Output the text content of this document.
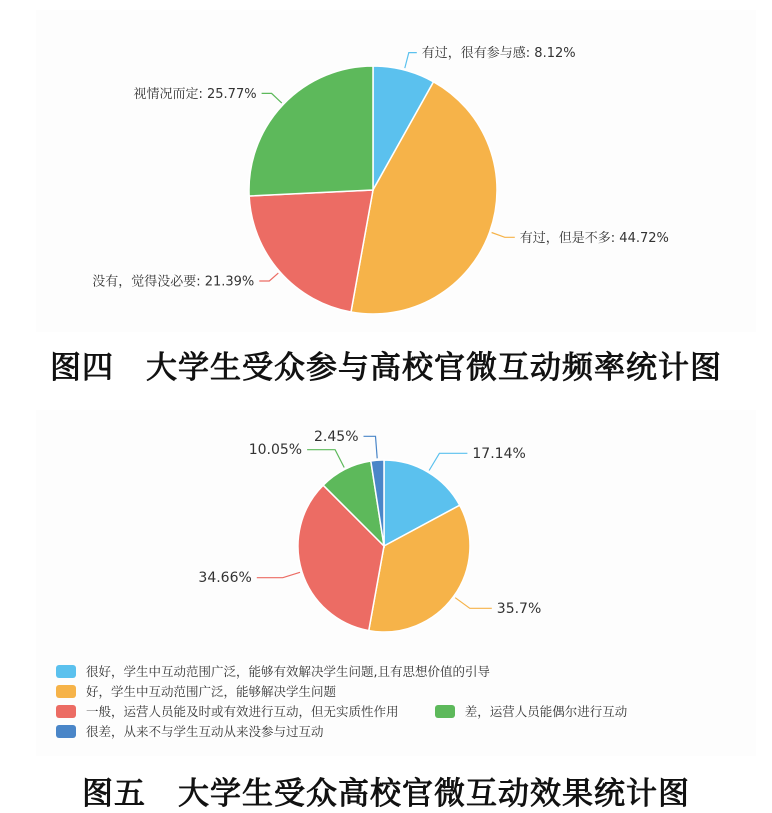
有过，很有参与感: 8.12%
有过，但是不多: 44.72%
没有，觉得没必要: 21.39%
视情况而定: 25.77%
图四　大学生受众参与高校官微互动频率统计图
17.14%
35.7%
34.66%
10.05%
2.45%
很好，学生中互动范围广泛，能够有效解决学生问题,且有思想价值的引导
好，学生中互动范围广泛，能够解决学生问题
一般，运营人员能及时或有效进行互动，但无实质性作用
	差，运营人员能偶尔进行互动
很差，从来不与学生互动从来没参与过互动
图五　大学生受众高校官微互动效果统计图
